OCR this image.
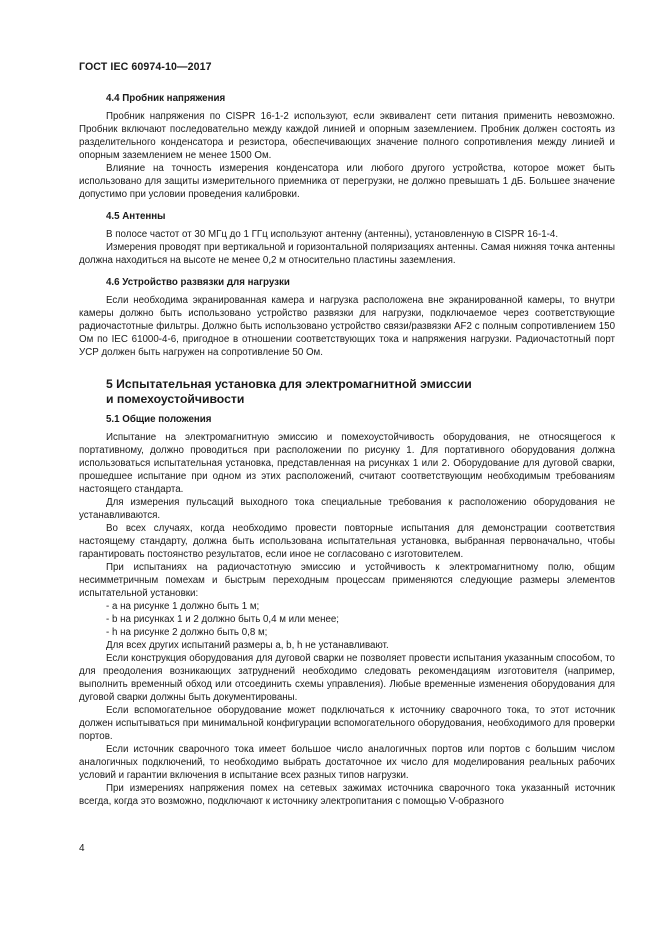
ГОСТ IEC 60974-10—2017
4.4 Пробник напряжения

Пробник напряжения по CISPR 16-1-2 используют, если эквивалент сети питания применить невозможно. Пробник включают последовательно между каждой линией и опорным заземлением. Пробник должен состоять из разделительного конденсатора и резистора, обеспечивающих значение полного сопротивления между линией и опорным заземлением не менее 1500 Ом.

Влияние на точность измерения конденсатора или любого другого устройства, которое может быть использовано для защиты измерительного приемника от перегрузки, не должно превышать 1 дБ. Большее значение допустимо при условии проведения калибровки.

4.5 Антенны

В полосе частот от 30 МГц до 1 ГГц используют антенну (антенны), установленную в CISPR 16-1-4.

Измерения проводят при вертикальной и горизонтальной поляризациях антенны. Самая нижняя точка антенны должна находиться на высоте не менее 0,2 м относительно пластины заземления.

4.6 Устройство развязки для нагрузки

Если необходима экранированная камера и нагрузка расположена вне экранированной камеры, то внутри камеры должно быть использовано устройство развязки для нагрузки, подключаемое через соответствующие радиочастотные фильтры. Должно быть использовано устройство связи/развязки AF2 с полным сопротивлением 150 Ом по IEC 61000-4-6, пригодное в отношении соответствующих тока и напряжения нагрузки. Радиочастотный порт УСР должен быть нагружен на сопротивление 50 Ом.

5 Испытательная установка для электромагнитной эмиссии
и помехоустойчивости
5.1 Общие положения

Испытание на электромагнитную эмиссию и помехоустойчивость оборудования, не относящегося к портативному, должно проводиться при расположении по рисунку 1. Для портативного оборудования должна использоваться испытательная установка, представленная на рисунках 1 или 2. Оборудование для дуговой сварки, прошедшее испытание при одном из этих расположений, считают соответствующим необходимым требованиям настоящего стандарта.

Для измерения пульсаций выходного тока специальные требования к расположению оборудования не устанавливаются.

Во всех случаях, когда необходимо провести повторные испытания для демонстрации соответствия настоящему стандарту, должна быть использована испытательная установка, выбранная первоначально, чтобы гарантировать постоянство результатов, если иное не согласовано с изготовителем.

При испытаниях на радиочастотную эмиссию и устойчивость к электромагнитному полю, общим несимметричным помехам и быстрым переходным процессам применяются следующие размеры элементов испытательной установки:

- a на рисунке 1 должно быть 1 м;

- b на рисунках 1 и 2 должно быть 0,4 м или менее;

- h на рисунке 2 должно быть 0,8 м;

Для всех других испытаний размеры a, b, h не устанавливают.

Если конструкция оборудования для дуговой сварки не позволяет провести испытания указанным способом, то для преодоления возникающих затруднений необходимо следовать рекомендациям изготовителя (например, выполнить временный обход или отсоединить схемы управления). Любые временные изменения оборудования для дуговой сварки должны быть документированы.

Если вспомогательное оборудование может подключаться к источнику сварочного тока, то этот источник должен испытываться при минимальной конфигурации вспомогательного оборудования, необходимого для проверки портов.

Если источник сварочного тока имеет большое число аналогичных портов или портов с большим числом аналогичных подключений, то необходимо выбрать достаточное их число для моделирования реальных рабочих условий и гарантии включения в испытание всех разных типов нагрузки.

При измерениях напряжения помех на сетевых зажимах источника сварочного тока указанный источник всегда, когда это возможно, подключают к источнику электропитания с помощью V-образного

4
